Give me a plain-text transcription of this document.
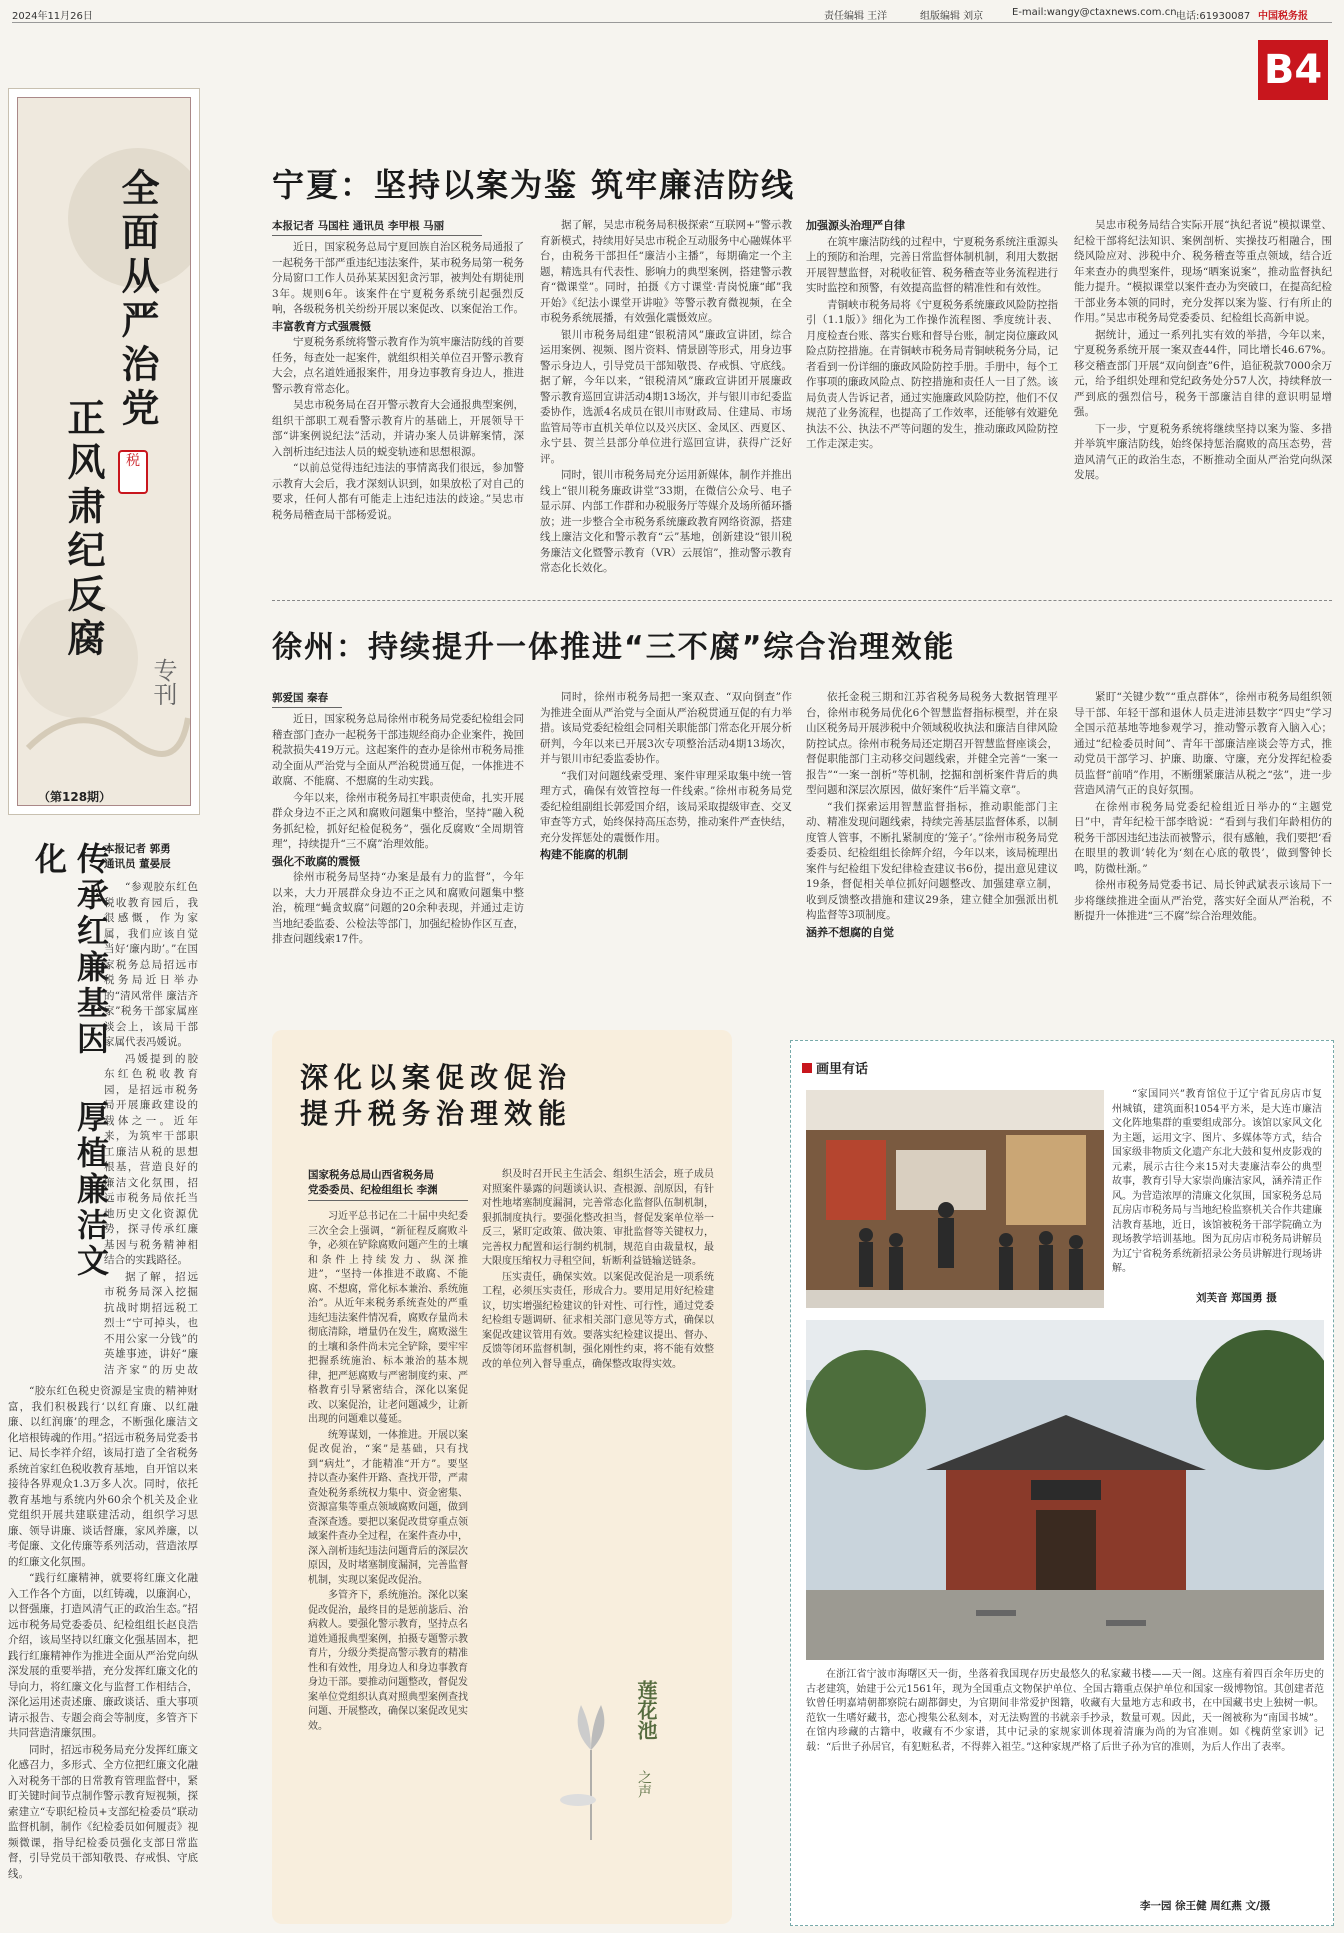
2024年11月26日	责任编辑 王洋	组版编辑 刘京	E-mail:wangy@ctaxnews.com.cn 电话:61930087 中国税务报
B4
全面从严治党
正风肃纪反腐	税
专刊
（第128期）
传承红廉基因 厚植廉洁文化	本报记者 郭勇
通讯员 董晏辰

“参观胶东红色税收教育园后，我很感慨，作为家属，我们应该自觉当好‘廉内助’。”在国家税务总局招远市税务局近日举办的“清风常伴 廉洁齐家”税务干部家属座谈会上，该局干部家属代表冯媛说。

冯媛提到的胶东红色税收教育园，是招远市税务局开展廉政建设的载体之一。近年来，为筑牢干部职工廉洁从税的思想根基，营造良好的廉洁文化氛围，招远市税务局依托当地历史文化资源优势，探寻传承红廉基因与税务精神相结合的实践路径。

据了解，招远市税务局深入挖掘抗战时期招远税工烈士“宁可掉头，也不用公家一分钱”的英雄事迹，讲好“廉洁齐家”的历史故

“胶东红色税史资源是宝贵的精神财富，我们积极践行‘以红育廉、以红融廉、以红润廉’的理念，不断强化廉洁文化培根铸魂的作用。”招远市税务局党委书记、局长李祥介绍，该局打造了全省税务系统首家红色税收教育基地，自开馆以来接待各界观众1.3万多人次。同时，依托教育基地与系统内外60余个机关及企业党组织开展共建联建活动，组织学习思廉、领导讲廉、谈话督廉，家风养廉，以考促廉、文化传廉等系列活动，营造浓厚的红廉文化氛围。

“践行红廉精神，就要将红廉文化融入工作各个方面，以红铸魂，以廉润心，以督强廉，打造风清气正的政治生态。”招远市税务局党委委员、纪检组组长赵良浩介绍，该局坚持以红廉文化强基固本，把践行红廉精神作为推进全面从严治党向纵深发展的重要举措，充分发挥红廉文化的导向力，将红廉文化与监督工作相结合，深化运用述责述廉、廉政谈话、重大事项请示报告、专题会商会等制度，多管齐下共同营造清廉氛围。

同时，招远市税务局充分发挥红廉文化感召力，多形式、全方位把红廉文化融入对税务干部的日常教育管理监督中，紧盯关键时间节点制作警示教育短视频，探索建立“专职纪检员+支部纪检委员”联动监督机制，制作《纪检委员如何履责》视频微课，指导纪检委员强化支部日常监督，引导党员干部知敬畏、存戒惧、守底线。

宁夏：坚持以案为鉴 筑牢廉洁防线
本报记者 马国柱 通讯员 李甲根 马丽

近日，国家税务总局宁夏回族自治区税务局通报了一起税务干部严重违纪违法案件，某市税务局第一税务分局窗口工作人员孙某某因犯贪污罪，被判处有期徒刑3年。规则6年。该案件在宁夏税务系统引起强烈反响，各级税务机关纷纷开展以案促改、以案促治工作。

丰富教育方式强震慑

宁夏税务系统将警示教育作为筑牢廉洁防线的首要任务，每查处一起案件，就组织相关单位召开警示教育大会，点名道姓通报案件，用身边事教育身边人，推进警示教育常态化。

吴忠市税务局在召开警示教育大会通报典型案例，组织干部职工观看警示教育片的基础上，开展领导干部“讲案例说纪法”活动，并请办案人员讲解案情，深入剖析违纪违法人员的蜕变轨迹和思想根源。

“以前总觉得违纪违法的事情离我们很远，参加警示教育大会后，我才深刻认识到，如果放松了对自己的要求，任何人都有可能走上违纪违法的歧途。”吴忠市税务局稽查局干部杨爱说。

据了解，吴忠市税务局积极探索“互联网+”警示教育新模式，持续用好吴忠市税企互动服务中心融媒体平台，由税务干部担任“廉洁小主播”，每期确定一个主题，精选具有代表性、影响力的典型案例，搭建警示教育“微课堂”。同时，拍摄《方寸课堂·青岗悦廉“邮”我开始》《纪法小课堂开讲啦》等警示教育微视频，在全市税务系统展播，有效强化震慑效应。

银川市税务局组建“银税清风”廉政宣讲团，综合运用案例、视频、图片资料、情景剧等形式，用身边事警示身边人，引导党员干部知敬畏、存戒惧、守底线。据了解，今年以来，“银税清风”廉政宣讲团开展廉政警示教育巡回宣讲活动4期13场次，并与银川市纪委监委协作，选派4名成员在银川市财政局、住建局、市场监管局等市直机关单位以及兴庆区、金凤区、西夏区、永宁县、贺兰县部分单位进行巡回宣讲，获得广泛好评。

同时，银川市税务局充分运用新媒体，制作并推出线上“银川税务廉政讲堂”33期，在微信公众号、电子显示屏、内部工作群和办税服务厅等媒介及场所循环播放；进一步整合全市税务系统廉政教育网络资源，搭建线上廉洁文化和警示教育“云”基地，创新建设“银川税务廉洁文化暨警示教育（VR）云展馆”，推动警示教育常态化长效化。

加强源头治理严自律

在筑牢廉洁防线的过程中，宁夏税务系统注重源头上的预防和治理，完善日常监督体制机制，利用大数据开展智慧监督，对税收征管、税务稽查等业务流程进行实时监控和预警，有效提高监督的精准性和有效性。

青铜峡市税务局将《宁夏税务系统廉政风险防控指引（1.1版）》细化为工作操作流程图、季度统计表、月度检查台账、落实台账和督导台账，制定岗位廉政风险点防控措施。在青铜峡市税务局青铜峡税务分局，记者看到一份详细的廉政风险防控手册。手册中，每个工作事项的廉政风险点、防控措施和责任人一目了然。该局负责人告诉记者，通过实施廉政风险防控，他们不仅规范了业务流程，也提高了工作效率，还能够有效避免执法不公、执法不严等问题的发生，推动廉政风险防控工作走深走实。

吴忠市税务局结合实际开展“执纪者说”模拟课堂、纪检干部将纪法知识、案例剖析、实操技巧相融合，围绕风险应对、涉税中介、税务稽查等重点领域，结合近年来查办的典型案件，现场“晒案说案”，推动监督执纪能力提升。“模拟课堂以案件查办为突破口，在提高纪检干部业务本领的同时，充分发挥以案为鉴、行有所止的作用。”吴忠市税务局党委委员、纪检组长高新申说。

据统计，通过一系列扎实有效的举措，今年以来，宁夏税务系统开展一案双查44件，同比增长46.67%。移交稽查部门开展“双向倒查”6件，追征税款7000余万元，给予组织处理和党纪政务处分57人次，持续释放一严到底的强烈信号，税务干部廉洁自律的意识明显增强。

下一步，宁夏税务系统将继续坚持以案为鉴、多措并举筑牢廉洁防线，始终保持惩治腐败的高压态势，营造风清气正的政治生态，不断推动全面从严治党向纵深发展。

徐州：持续提升一体推进“三不腐”综合治理效能
郭爱国 秦春

近日，国家税务总局徐州市税务局党委纪检组会同稽查部门查办一起税务干部违规经商办企业案件，挽回税款损失419万元。这起案件的查办是徐州市税务局推动全面从严治党与全面从严治税贯通互促，一体推进不敢腐、不能腐、不想腐的生动实践。

今年以来，徐州市税务局扛牢职责使命，扎实开展群众身边不正之风和腐败问题集中整治，坚持“融入税务抓纪检，抓好纪检促税务”，强化反腐败“全周期管理”，持续提升“三不腐”治理效能。

强化不敢腐的震慑

徐州市税务局坚持“办案是最有力的监督”，今年以来，大力开展群众身边不正之风和腐败问题集中整治，梳理“蝇贪蚁腐”问题的20余种表现，并通过走访当地纪委监委、公检法等部门，加强纪检协作区互查，排查问题线索17件。

同时，徐州市税务局把一案双查、“双向倒查”作为推进全面从严治党与全面从严治税贯通互促的有力举措。该局党委纪检组会同相关职能部门常态化开展分析研判，今年以来已开展3次专项整治活动4期13场次，并与银川市纪委监委协作。

“我们对问题线索受理、案件审理采取集中统一管理方式，确保有效管控每一件线索。”徐州市税务局党委纪检组副组长郭爱国介绍，该局采取提级审查、交叉审查等方式，始终保持高压态势，推动案件严查快结，充分发挥惩处的震慑作用。

构建不能腐的机制

依托金税三期和江苏省税务局税务大数据管理平台，徐州市税务局优化6个智慧监督指标模型，并在泉山区税务局开展涉税中介领域税收执法和廉洁自律风险防控试点。徐州市税务局还定期召开智慧监督座谈会，督促职能部门主动移交问题线索，并健全完善“一案一报告”“一案一剖析”等机制，挖掘和剖析案件背后的典型问题和深层次原因，做好案件“后半篇文章”。

“我们探索运用智慧监督指标，推动职能部门主动、精准发现问题线索，持续完善基层监督体系，以制度管人管事，不断扎紧制度的‘笼子’。”徐州市税务局党委委员、纪检组组长徐辉介绍，今年以来，该局梳理出案件与纪检组下发纪律检查建议书6份，提出意见建议19条，督促相关单位抓好问题整改、加强建章立制，收到反馈整改措施和建议29条，建立健全加强派出机构监督等3项制度。

涵养不想腐的自觉

紧盯“关键少数”“重点群体”，徐州市税务局组织领导干部、年轻干部和退休人员走进沛县数字“四史”学习全国示范基地等地参观学习，推动警示教育入脑入心；通过“纪检委员时间”、青年干部廉洁座谈会等方式，推动党员干部学习、护廉、助廉、守廉，充分发挥纪检委员监督“前哨”作用，不断绷紧廉洁从税之“弦”，进一步营造风清气正的良好氛围。

在徐州市税务局党委纪检组近日举办的“主题党日”中，青年纪检干部李晗说：“看到与我们年龄相仿的税务干部因违纪违法而被警示，很有感触，我们要把‘看在眼里的教训’转化为‘刻在心底的敬畏’，做到警钟长鸣，防微杜渐。”

徐州市税务局党委书记、局长钟武斌表示该局下一步将继续推进全面从严治党，落实好全面从严治税，不断提升一体推进“三不腐”综合治理效能。

深化以案促改促治
提升税务治理效能
国家税务总局山西省税务局
党委委员、纪检组组长 李渊

习近平总书记在二十届中央纪委三次全会上强调，“新征程反腐败斗争，必须在铲除腐败问题产生的土壤和条件上持续发力、纵深推进”，“坚持一体推进不敢腐、不能腐、不想腐，常化标本兼治、系统施治”。从近年来税务系统查处的严重违纪违法案件情况看，腐败存量尚未彻底清除，增量仍在发生，腐败滋生的土壤和条件尚未完全铲除，要牢牢把握系统施治、标本兼治的基本规律，把严惩腐败与严密制度约束、严格教育引导紧密结合，深化以案促改、以案促治，让老问题减少，让新出现的问题难以蔓延。

统筹谋划，一体推进。开展以案促改促治，“案”是基础，只有找到“病灶”，才能精准“开方”。要坚持以查办案件开路、查找开带，严肃查处税务系统权力集中、资金密集、资源富集等重点领域腐败问题，做到查深查透。要把以案促改贯穿重点领域案件查办全过程，在案件查办中，深入剖析违纪违法问题背后的深层次原因，及时堵塞制度漏洞，完善监督机制，实现以案促改促治。

多管齐下，系统施治。深化以案促改促治，最终目的是惩前毖后、治病救人。要强化警示教育，坚持点名道姓通报典型案例，拍摄专题警示教育片，分级分类提高警示教育的精准性和有效性，用身边人和身边事教育身边干部。要推动问题整改，督促发案单位党组织认真对照典型案例查找问题、开展整改，确保以案促改见实效。

织及时召开民主生活会、组织生活会，班子成员对照案件暴露的问题谈认识、查根源、剖原因，有针对性地堵塞制度漏洞，完善常态化监督队伍制机制，狠抓制度执行。要强化整改担当，督促发案单位举一反三，紧盯定政策、做决策、审批监督等关键权力，完善权力配置和运行制约机制，规范自由裁量权，最大限度压缩权力寻租空间，斩断利益链输送链条。

压实责任，确保实效。以案促改促治是一项系统工程，必须压实责任，形成合力。要用足用好纪检建议，切实增强纪检建议的针对性、可行性，通过党委纪检组专题调研、征求相关部门意见等方式，确保以案促改建议管用有效。要落实纪检建议提出、督办、反馈等闭环监督机制，强化刚性约束，将不能有效整改的单位列入督导重点，确保整改取得实效。

莲花池
之声
画里有话

“家国同兴”教育馆位于辽宁省瓦房店市复州城镇，建筑面积1054平方米，是大连市廉洁文化阵地集群的重要组成部分。该馆以家风文化为主题，运用文字、图片、多媒体等方式，结合国家级非物质文化遗产东北大鼓和复州皮影戏的元素，展示古往今来15对夫妻廉洁奉公的典型故事，教育引导大家崇尚廉洁家风，涵养清正作风。为营造浓厚的清廉文化氛围，国家税务总局瓦房店市税务局与当地纪检监察机关合作共建廉洁教育基地，近日，该馆被税务干部学院确立为现场教学培训基地。图为瓦房店市税务局讲解员为辽宁省税务系统新招录公务员讲解进行现场讲解。

刘芙音 郑国勇 摄

在浙江省宁波市海曙区天一街，坐落着我国现存历史最悠久的私家藏书楼——天一阁。这座有着四百余年历史的古老建筑，始建于公元1561年，现为全国重点文物保护单位、全国古籍重点保护单位和国家一级博物馆。其创建者范钦曾任明嘉靖朝都察院右副都御史，为官期间非常爱护图籍，收藏有大量地方志和政书，在中国藏书史上独树一帜。范钦一生嗜好藏书，恋心搜集公私刻本，对无法购置的书就亲手抄录，数量可观。因此，天一阁被称为“南国书城”。在馆内珍藏的古籍中，收藏有不少家谱，其中记录的家规家训体现着清廉为尚的为官准则。如《槐荫堂家训》记载：“后世子孙居官，有犯赃私者，不得葬入祖茔。”这种家规严格了后世子孙为官的准则，为后人作出了表率。

李一园 徐王健 周红燕 文/摄
